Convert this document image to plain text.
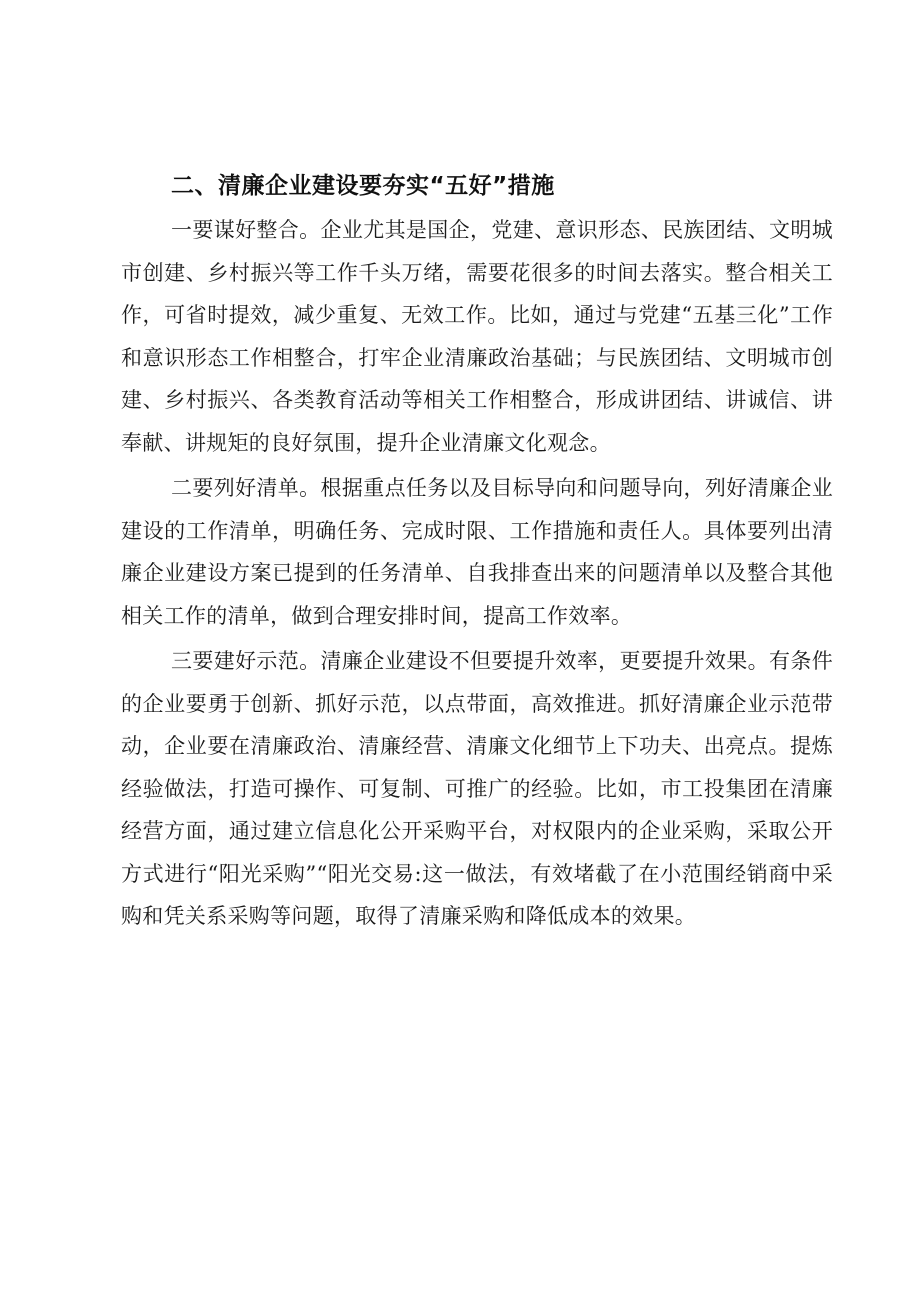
二、清廉企业建设要夯实“五好”措施

一要谋好整合。企业尤其是国企，党建、意识形态、民族团结、文明城市创建、乡村振兴等工作千头万绪，需要花很多的时间去落实。整合相关工作，可省时提效，减少重复、无效工作。比如，通过与党建“五基三化”工作和意识形态工作相整合，打牢企业清廉政治基础；与民族团结、文明城市创建、乡村振兴、各类教育活动等相关工作相整合，形成讲团结、讲诚信、讲奉献、讲规矩的良好氛围，提升企业清廉文化观念。

二要列好清单。根据重点任务以及目标导向和问题导向，列好清廉企业建设的工作清单，明确任务、完成时限、工作措施和责任人。具体要列出清廉企业建设方案已提到的任务清单、自我排查出来的问题清单以及整合其他相关工作的清单，做到合理安排时间，提高工作效率。

三要建好示范。清廉企业建设不但要提升效率，更要提升效果。有条件的企业要勇于创新、抓好示范，以点带面，高效推进。抓好清廉企业示范带动，企业要在清廉政治、清廉经营、清廉文化细节上下功夫、出亮点。提炼经验做法，打造可操作、可复制、可推广的经验。比如，市工投集团在清廉经营方面，通过建立信息化公开采购平台，对权限内的企业采购，采取公开方式进行“阳光采购”“阳光交易:这一做法，有效堵截了在小范围经销商中采购和凭关系采购等问题，取得了清廉采购和降低成本的效果。
